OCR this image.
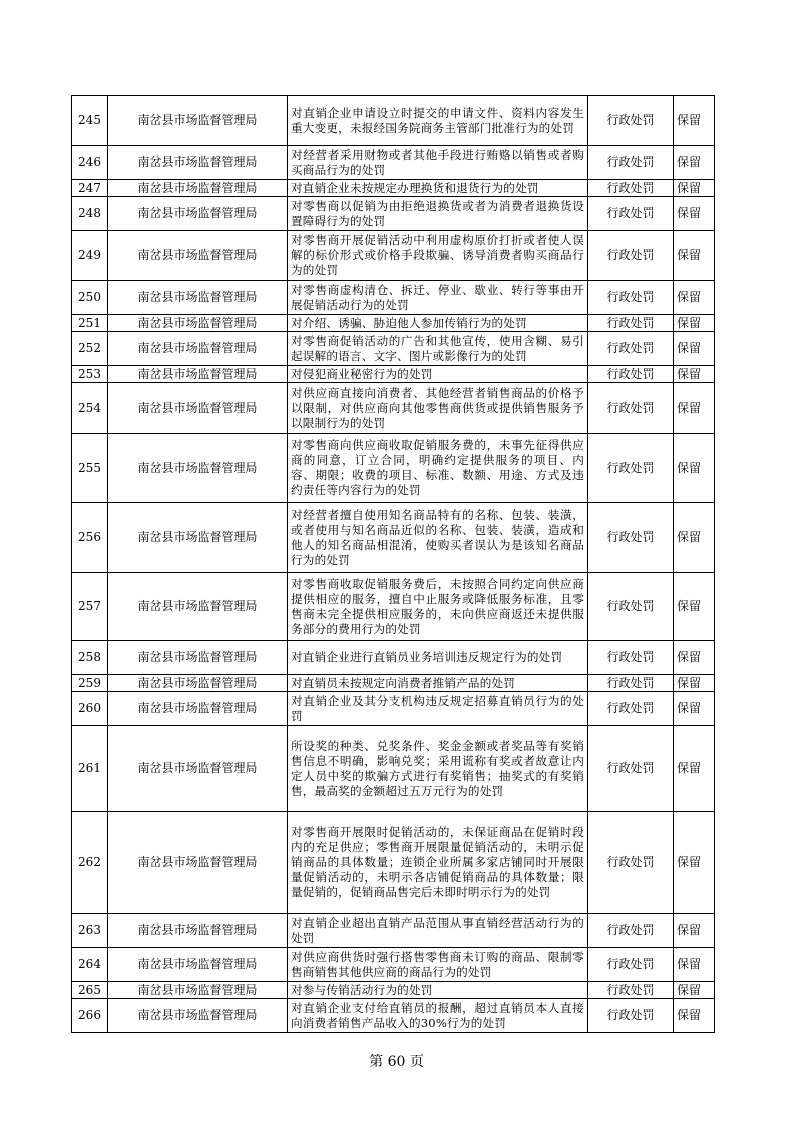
245	南岔县市场监督管理局	对直销企业申请设立时提交的申请文件、资料内容发生重大变更，未报经国务院商务主管部门批准行为的处罚	行政处罚	保留
246	南岔县市场监督管理局	对经营者采用财物或者其他手段进行贿赂以销售或者购买商品行为的处罚	行政处罚	保留
247	南岔县市场监督管理局	对直销企业未按规定办理换货和退货行为的处罚	行政处罚	保留
248	南岔县市场监督管理局	对零售商以促销为由拒绝退换货或者为消费者退换货设置障碍行为的处罚	行政处罚	保留
249	南岔县市场监督管理局	对零售商开展促销活动中利用虚构原价打折或者使人误解的标价形式或价格手段欺骗、诱导消费者购买商品行为的处罚	行政处罚	保留
250	南岔县市场监督管理局	对零售商虚构清仓、拆迁、停业、歇业、转行等事由开展促销活动行为的处罚	行政处罚	保留
251	南岔县市场监督管理局	对介绍、诱骗、胁迫他人参加传销行为的处罚	行政处罚	保留
252	南岔县市场监督管理局	对零售商促销活动的广告和其他宣传，使用含糊、易引起误解的语言、文字、图片或影像行为的处罚	行政处罚	保留
253	南岔县市场监督管理局	对侵犯商业秘密行为的处罚	行政处罚	保留
254	南岔县市场监督管理局	对供应商直接向消费者、其他经营者销售商品的价格予以限制，对供应商向其他零售商供货或提供销售服务予以限制行为的处罚	行政处罚	保留
255	南岔县市场监督管理局	对零售商向供应商收取促销服务费的，未事先征得供应商的同意，订立合同，明确约定提供服务的项目、内容、期限；收费的项目、标准、数额、用途、方式及违约责任等内容行为的处罚	行政处罚	保留
256	南岔县市场监督管理局	对经营者擅自使用知名商品特有的名称、包装、装潢，或者使用与知名商品近似的名称、包装、装潢，造成和他人的知名商品相混淆，使购买者误认为是该知名商品行为的处罚	行政处罚	保留
257	南岔县市场监督管理局	对零售商收取促销服务费后，未按照合同约定向供应商提供相应的服务，擅自中止服务或降低服务标准，且零售商未完全提供相应服务的，未向供应商返还未提供服务部分的费用行为的处罚	行政处罚	保留
258	南岔县市场监督管理局	对直销企业进行直销员业务培训违反规定行为的处罚	行政处罚	保留
259	南岔县市场监督管理局	对直销员未按规定向消费者推销产品的处罚	行政处罚	保留
260	南岔县市场监督管理局	对直销企业及其分支机构违反规定招募直销员行为的处罚	行政处罚	保留
261	南岔县市场监督管理局	所设奖的种类、兑奖条件、奖金金额或者奖品等有奖销售信息不明确，影响兑奖；采用谎称有奖或者故意让内定人员中奖的欺骗方式进行有奖销售；抽奖式的有奖销售，最高奖的金额超过五万元行为的处罚	行政处罚	保留
262	南岔县市场监督管理局	对零售商开展限时促销活动的，未保证商品在促销时段内的充足供应；零售商开展限量促销活动的，未明示促销商品的具体数量；连锁企业所属多家店铺同时开展限量促销活动的，未明示各店铺促销商品的具体数量；限量促销的，促销商品售完后未即时明示行为的处罚	行政处罚	保留
263	南岔县市场监督管理局	对直销企业超出直销产品范围从事直销经营活动行为的处罚	行政处罚	保留
264	南岔县市场监督管理局	对供应商供货时强行搭售零售商未订购的商品、限制零售商销售其他供应商的商品行为的处罚	行政处罚	保留
265	南岔县市场监督管理局	对参与传销活动行为的处罚	行政处罚	保留
266	南岔县市场监督管理局	对直销企业支付给直销员的报酬，超过直销员本人直接向消费者销售产品收入的30%行为的处罚	行政处罚	保留
第 60 页
